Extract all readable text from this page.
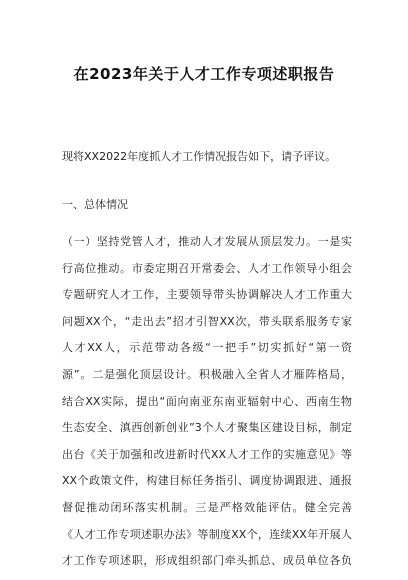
在2023年关于人才工作专项述职报告
现将XX2022年度抓人才工作情况报告如下，请予评议。
一、总体情况
（一）坚持党管人才，推动人才发展从顶层发力。一是实
行高位推动。市委定期召开常委会、人才工作领导小组会
专题研究人才工作，主要领导带头协调解决人才工作重大
问题XX个，“走出去”招才引智XX次，带头联系服务专家
人才XX人，示范带动各级“一把手”切实抓好“第一资
源”。二是强化顶层设计。积极融入全省人才雁阵格局，
结合XX实际，提出“面向南亚东南亚辐射中心、西南生物
生态安全、滇西创新创业”3个人才聚集区建设目标，制定
出台《关于加强和改进新时代XX人才工作的实施意见》等
XX个政策文件，构建目标任务指引、调度协调跟进、通报
督促推动闭环落实机制。三是严格效能评估。健全完善
《人才工作专项述职办法》等制度XX个，连续XX年开展人
才工作专项述职，形成组织部门牵头抓总、成员单位各负
